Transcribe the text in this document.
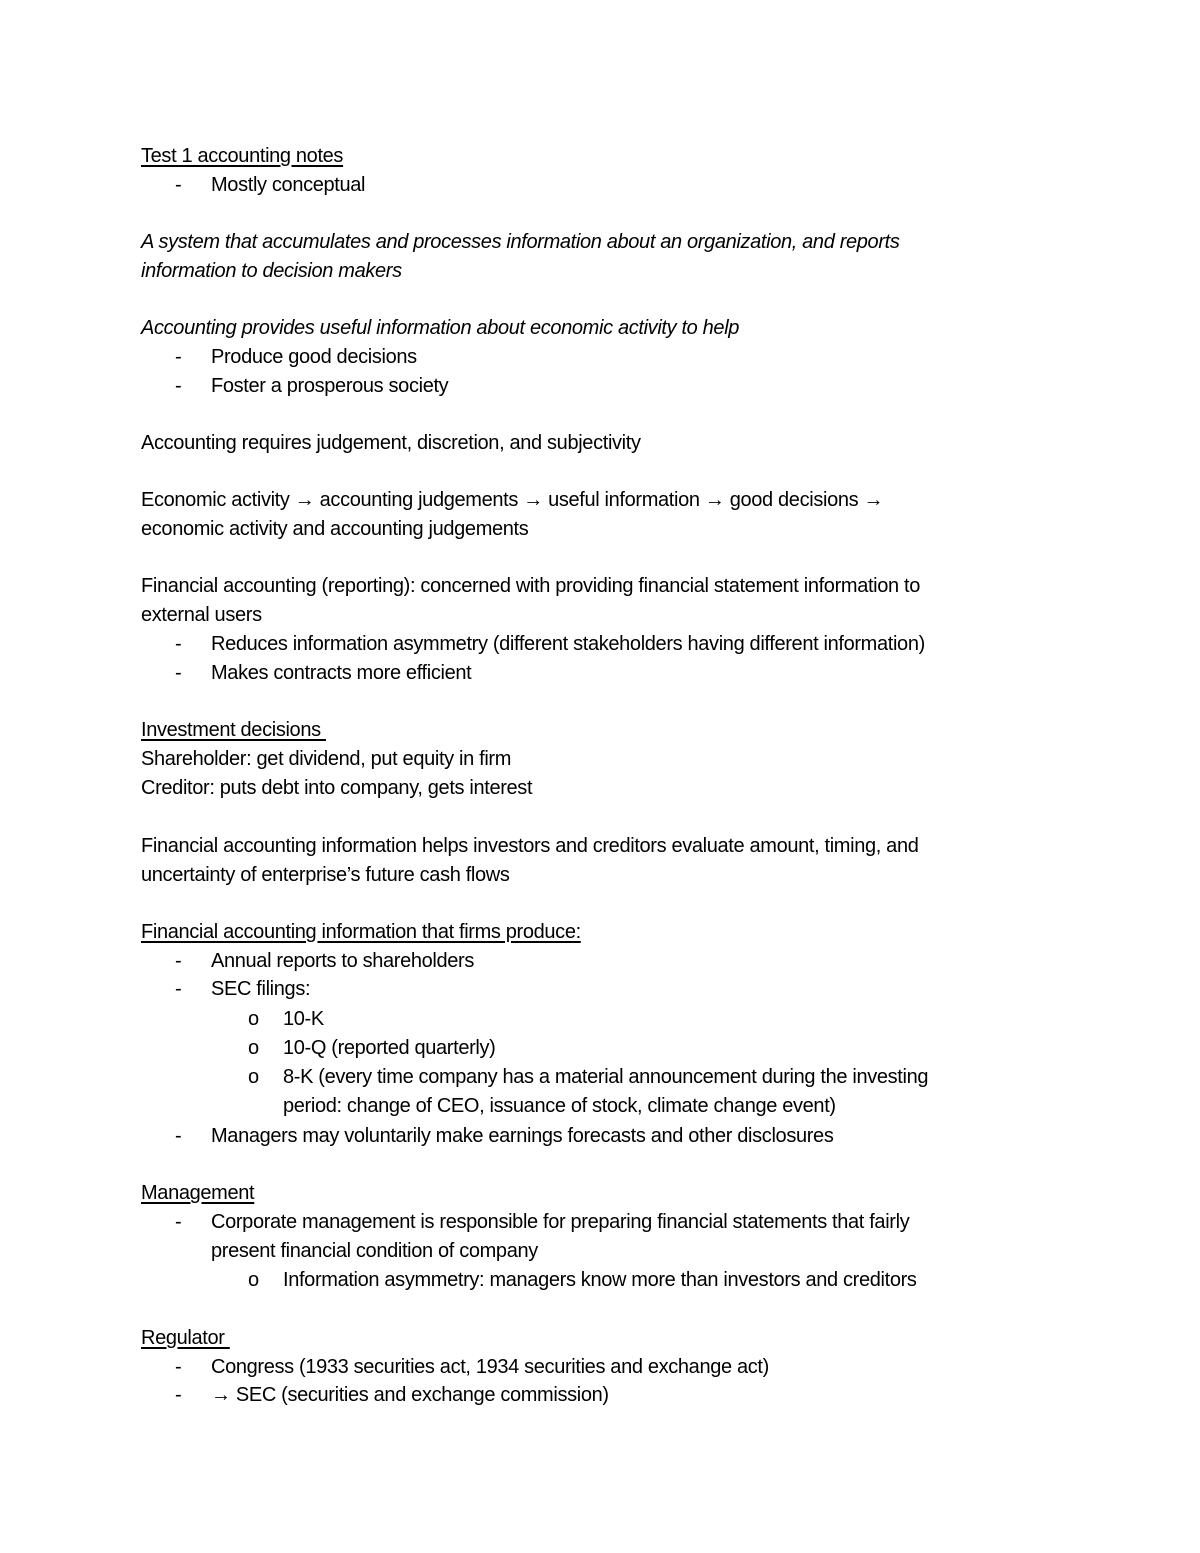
Test 1 accounting notes
- Mostly conceptual
A system that accumulates and processes information about an organization, and reports
information to decision makers
Accounting provides useful information about economic activity to help
- Produce good decisions
- Foster a prosperous society
Accounting requires judgement, discretion, and subjectivity
Economic activity → accounting judgements → useful information → good decisions →
economic activity and accounting judgements
Financial accounting (reporting): concerned with providing financial statement information to
external users
- Reduces information asymmetry (different stakeholders having different information)
- Makes contracts more efficient
Investment decisions
Shareholder: get dividend, put equity in firm
Creditor: puts debt into company, gets interest
Financial accounting information helps investors and creditors evaluate amount, timing, and
uncertainty of enterprise’s future cash flows
Financial accounting information that firms produce:
- Annual reports to shareholders
- SEC filings:
o 10-K
o 10-Q (reported quarterly)
o 8-K (every time company has a material announcement during the investing
period: change of CEO, issuance of stock, climate change event)
- Managers may voluntarily make earnings forecasts and other disclosures
Management
- Corporate management is responsible for preparing financial statements that fairly
present financial condition of company
o Information asymmetry: managers know more than investors and creditors
Regulator
- Congress (1933 securities act, 1934 securities and exchange act)
- → SEC (securities and exchange commission)
